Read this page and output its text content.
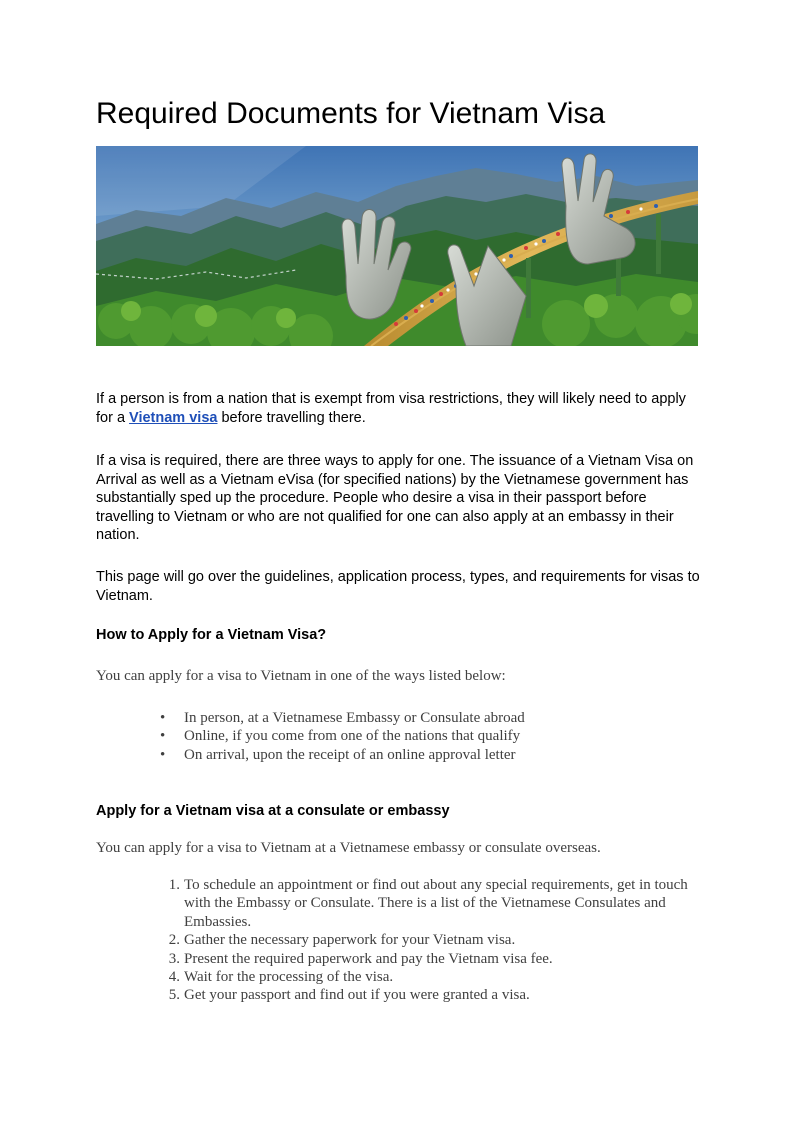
Required Documents for Vietnam Visa

If a person is from a nation that is exempt from visa restrictions, they will likely need to apply for a Vietnam visa before travelling there.

If a visa is required, there are three ways to apply for one. The issuance of a Vietnam Visa on Arrival as well as a Vietnam eVisa (for specified nations) by the Vietnamese government has substantially sped up the procedure. People who desire a visa in their passport before travelling to Vietnam or who are not qualified for one can also apply at an embassy in their nation.

This page will go over the guidelines, application process, types, and requirements for visas to Vietnam.

How to Apply for a Vietnam Visa?

You can apply for a visa to Vietnam in one of the ways listed below:

• In person, at a Vietnamese Embassy or Consulate abroad
• Online, if you come from one of the nations that qualify
• On arrival, upon the receipt of an online approval letter
Apply for a Vietnam visa at a consulate or embassy

You can apply for a visa to Vietnam at a Vietnamese embassy or consulate overseas.

1. To schedule an appointment or find out about any special requirements, get in touch with the Embassy or Consulate. There is a list of the Vietnamese Consulates and Embassies.
2. Gather the necessary paperwork for your Vietnam visa.
3. Present the required paperwork and pay the Vietnam visa fee.
4. Wait for the processing of the visa.
5. Get your passport and find out if you were granted a visa.
